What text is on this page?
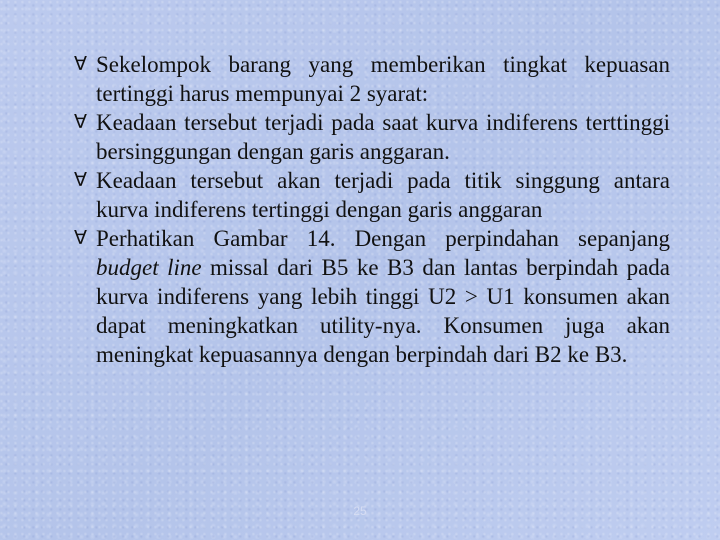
∀ Sekelompok barang yang memberikan tingkat kepuasan tertinggi harus mempunyai 2 syarat:
∀ Keadaan tersebut terjadi pada saat kurva indiferens terttinggi bersinggungan dengan garis anggaran.
∀ Keadaan tersebut akan terjadi pada titik singgung antara kurva indiferens tertinggi dengan garis anggaran
∀ Perhatikan Gambar 14. Dengan perpindahan sepanjang budget line missal dari B5 ke B3 dan lantas berpindah pada kurva indiferens yang lebih tinggi U2 > U1 konsumen akan dapat meningkatkan utility-nya. Konsumen juga akan meningkat kepuasannya dengan berpindah dari B2 ke B3.
25
